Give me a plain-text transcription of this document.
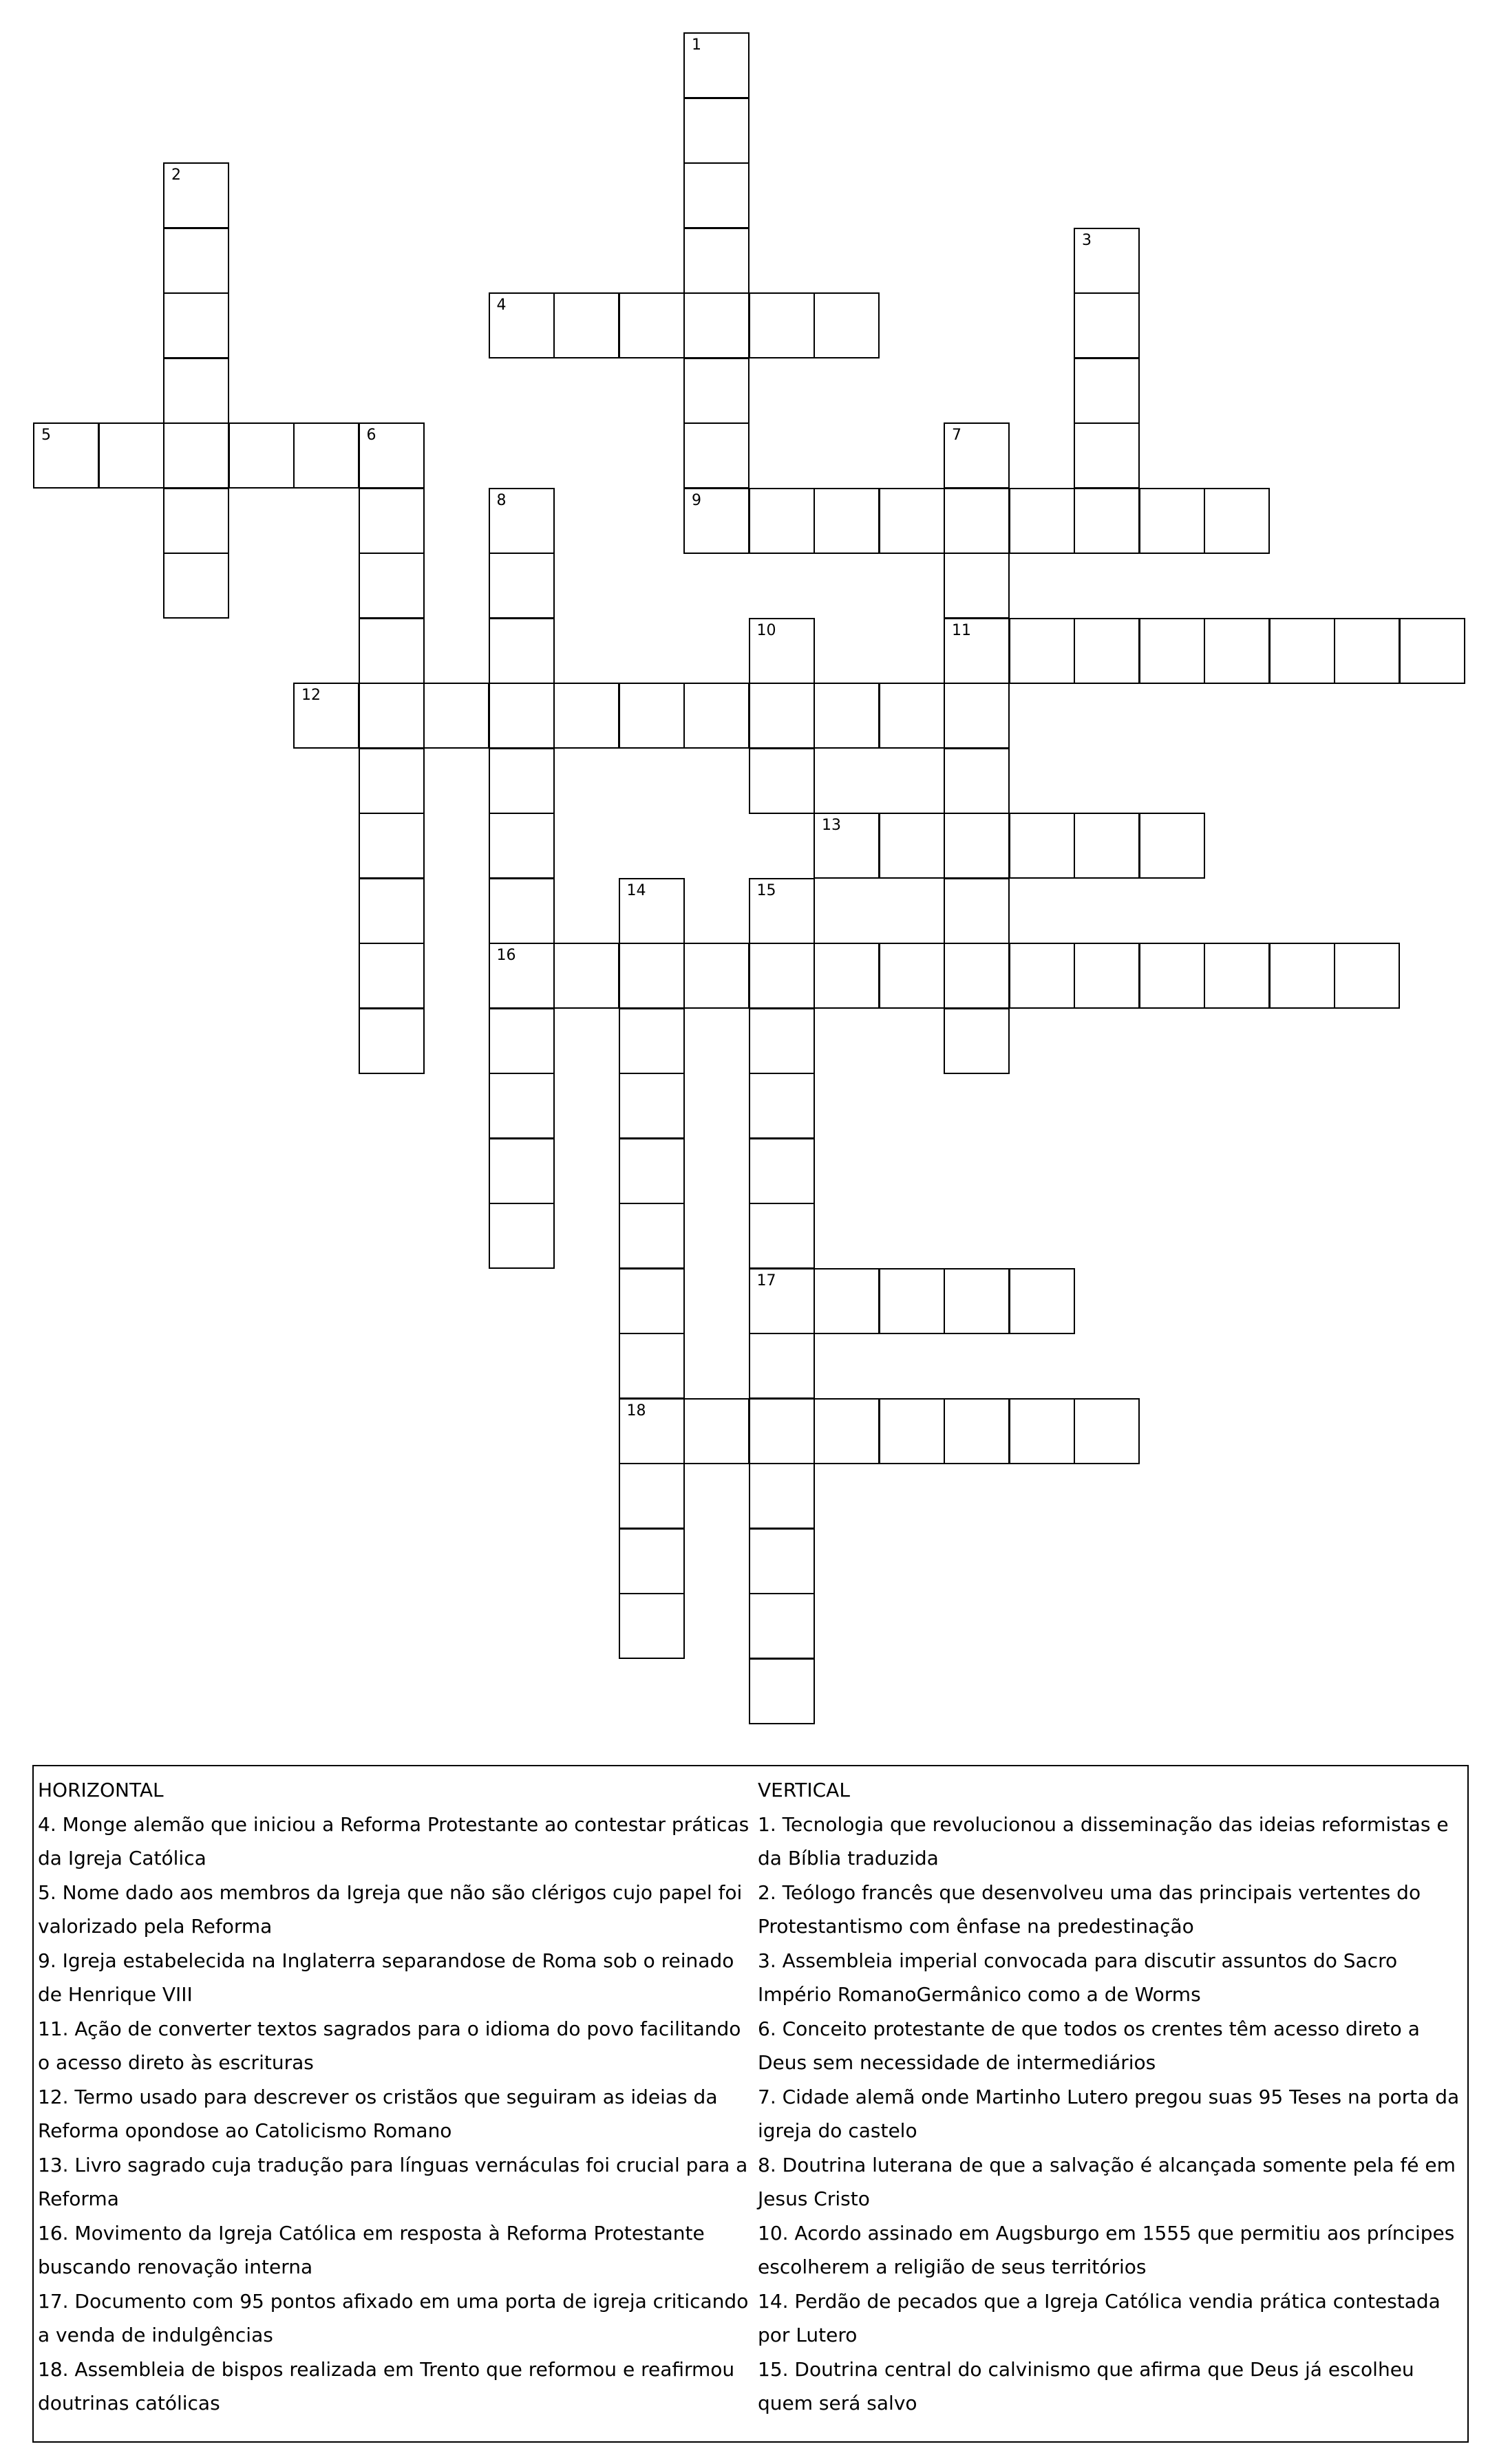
1
9
2
3
4
5	6	7
11
8
16
10
12
13
14
18
15
17
HORIZONTAL
4. Monge alemão que iniciou a Reforma Protestante ao contestar práticas da Igreja Católica
5. Nome dado aos membros da Igreja que não são clérigos cujo papel foi valorizado pela Reforma
9. Igreja estabelecida na Inglaterra separandose de Roma sob o reinado de Henrique VIII
11. Ação de converter textos sagrados para o idioma do povo facilitando o acesso direto às escrituras
12. Termo usado para descrever os cristãos que seguiram as ideias da Reforma opondose ao Catolicismo Romano
13. Livro sagrado cuja tradução para línguas vernáculas foi crucial para a Reforma
16. Movimento da Igreja Católica em resposta à Reforma Protestante buscando renovação interna
17. Documento com 95 pontos afixado em uma porta de igreja criticando a venda de indulgências
18. Assembleia de bispos realizada em Trento que reformou e reafirmou doutrinas católicas
VERTICAL
1. Tecnologia que revolucionou a disseminação das ideias reformistas e da Bíblia traduzida
2. Teólogo francês que desenvolveu uma das principais vertentes do Protestantismo com ênfase na predestinação
3. Assembleia imperial convocada para discutir assuntos do Sacro Império RomanoGermânico como a de Worms
6. Conceito protestante de que todos os crentes têm acesso direto a Deus sem necessidade de intermediários
7. Cidade alemã onde Martinho Lutero pregou suas 95 Teses na porta da igreja do castelo
8. Doutrina luterana de que a salvação é alcançada somente pela fé em Jesus Cristo
10. Acordo assinado em Augsburgo em 1555 que permitiu aos príncipes escolherem a religião de seus territórios
14. Perdão de pecados que a Igreja Católica vendia prática contestada por Lutero
15. Doutrina central do calvinismo que afirma que Deus já escolheu quem será salvo
